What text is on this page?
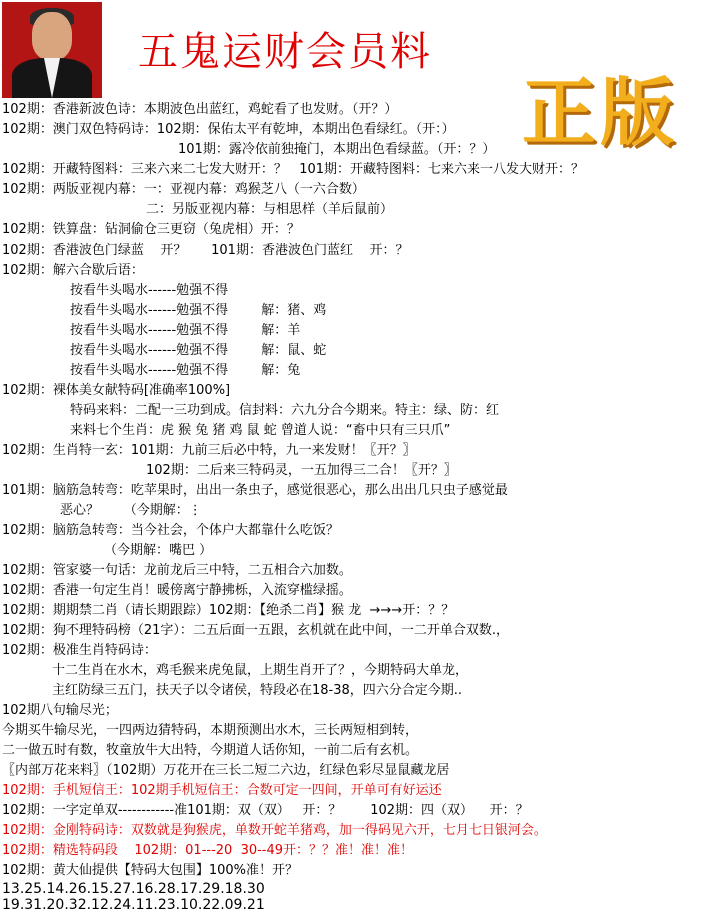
五鬼运财会员料
正版
102期：香港新波色诗：本期波色出蓝红，鸡蛇看了也发财。（开？）
102期：澳门双色特码诗：102期：保佑太平有乾坤，本期出色看绿红。（开：）
101期：露冷依前独掩门，本期出色看绿蓝。（开：？）
102期：开藏特图料：三来六来二七发大财开：？   101期：开藏特图料：七来六来一八发大财开：？
102期：两版亚视内幕：一：亚视内幕：鸡猴芝八（一六合数）
二：另版亚视内幕：与相思样（羊后鼠前）
102期：铁算盘：钻洞偷仓三更窃（兔虎相）开：？
102期：香港波色门绿蓝    开？      101期：香港波色门蓝红    开：？
102期：解六合歇后语：
按看牛头喝水------勉强不得
按看牛头喝水------勉强不得        解：猪、鸡
按看牛头喝水------勉强不得        解：羊
按看牛头喝水------勉强不得        解：鼠、蛇
按看牛头喝水------勉强不得        解：兔
102期：裸体美女献特码[准确率100%]
特码来料：二配一三功到成。信封料：六九分合今期来。特主：绿、防：红
来料七个生肖：虎 猴 兔 猪 鸡 鼠 蛇 曾道人说：“畜中只有三只爪”
102期：生肖特一玄：101期：九前三后必中特，九一来发财！〖开？〗
102期：二后来三特码灵，一五加得三二合！〖开？〗
101期：脑筋急转弯：吃苹果时，出出一条虫子，感觉很恶心，那么出出几只虫子感觉最
恶心？      （今期解：⋮
102期：脑筋急转弯：当今社会，个体户大都靠什么吃饭？
（今期解：嘴巴 ）
102期：管家婆一句话：龙前龙后三中特，二五相合六加数。
102期：香港一句定生肖！暖傍离宁静拂栎，入流穿槛绿摇。
102期：期期禁二肖（请长期跟踪）102期：【绝杀二肖】猴 龙  →→→开：？？
102期：狗不理特码榜（21字）：二五后面一五跟，玄机就在此中间，一二开单合双数.，
102期：极准生肖特码诗：
十二生肖在水木，鸡毛猴来虎兔鼠，上期生肖开了？，今期特码大单龙，
主红防绿三五门，扶天子以令诸侯，特段必在18-38，四六分合定今期..
102期八句输尽光；
今期买牛输尽光，一四两边猜特码，本期预测出水木，三长两短相到转，
二一做五时有数，牧童放牛大出特，今期道人话你知，一前二后有玄机。
〖内部万花来料〗（102期）万花开在三长二短二六边，红绿色彩尽显鼠藏龙居
102期：手机短信王：102期手机短信王：合数可定一四间，开单可有好运还
102期：一字定单双------------准101期：双（双）   开：？       102期：四（双）    开：？
102期：金刚特码诗：双数就是狗猴虎，单数开蛇羊猪鸡，加一得码见六开，七月七日银河会。
102期：精选特码段    102期：01---20  30--49开：？？准！准！准！
102期：黄大仙提供【特码大包围】100%准！开？
13.25.14.26.15.27.16.28.17.29.18.30
19.31.20.32.12.24.11.23.10.22.09.21
